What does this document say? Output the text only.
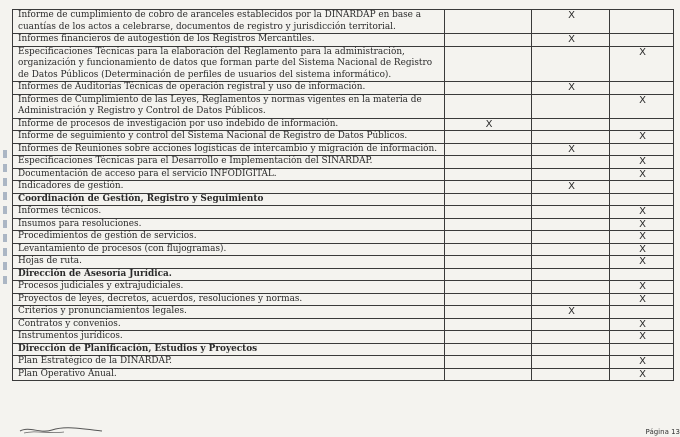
Informe de cumplimiento de cobro de aranceles establecidos por la DINARDAP en base a cuantías de los actos a celebrarse, documentos de registro y jurisdicción territorial.		X	
Informes financieros de autogestión de los Registros Mercantiles.		X	
Especificaciones Técnicas para la elaboración del Reglamento para la administración, organización y funcionamiento de datos que forman parte del Sistema Nacional de Registro de Datos Públicos (Determinación de perfiles de usuarios del sistema informático).			X
Informes de Auditorías Técnicas de operación registral y uso de información.		X	
Informes de Cumplimiento de las Leyes, Reglamentos y normas vigentes en la materia de Administración y Registro y Control de Datos Públicos.			X
Informe de procesos de investigación por uso indebido de información.	X		
Informe de seguimiento y control del Sistema Nacional de Registro de Datos Públicos.			X
Informes de Reuniones sobre acciones logísticas de intercambio y migración de información.		X	
Especificaciones Técnicas para el Desarrollo e Implementación del SINARDAP.			X
Documentación de acceso para el servicio INFODIGITAL.			X
Indicadores de gestión.		X	
Coordinación de Gestión, Registro y Seguimiento			
Informes técnicos.			X
Insumos para resoluciones.			X
Procedimientos de gestión de servicios.			X
Levantamiento de procesos (con flujogramas).			X
Hojas de ruta.			X
Dirección de Asesoría Jurídica.			
Procesos judiciales y extrajudiciales.			X
Proyectos de leyes, decretos, acuerdos, resoluciones y normas.			X
Criterios y pronunciamientos legales.		X	
Contratos y convenios.			X
Instrumentos jurídicos.			X
Dirección de Planificación, Estudios y Proyectos			
Plan Estratégico de la DINARDAP.			X
Plan Operativo Anual.			X
Página 13
